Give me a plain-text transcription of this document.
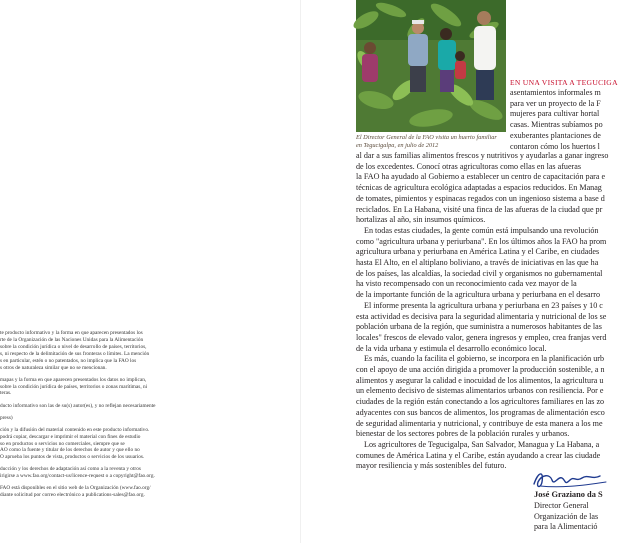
te producto informativo y la forma en que aparecen presentados los
rte de la Organización de las Naciones Unidas para la Alimentación
sobre la condición jurídica o nivel de desarrollo de países, territorios,
s, ni respecto de la delimitación de sus fronteras o límites. La mención
s en particular, estén o no patentados, no implica que la FAO los
s otros de naturaleza similar que no se mencionan.

mapas y la forma en que aparecen presentados los datos no implican,
sobre la condición jurídica de países, territorios o zonas marítimas, ni
teras.

ducto informativo son las de su(s) autor(es), y no reflejan necesariamente

press)

ción y la difusión del material contenido en este producto informativo.
podrá copiar, descargar e imprimir el material con fines de estudio
so en productos o servicios no comerciales, siempre que se
AO como la fuente y titular de los derechos de autor y que ello no
O aprueba los puntos de vista, productos o servicios de los usuarios.

ducción y los derechos de adaptación así como a la reventa y otros
irigirse a www.fao.org/contact-us/licence-request o a copyright@fao.org.

FAO está disponibles en el sitio web de la Organización (www.fao.org/
diante solicitud por correo electrónico a publications-sales@fao.org.

El Director General de la FAO visita un huerto familiar
en Tegucigalpa, en julio de 2012
EN UNA VISITA A TEGUCIGA
asentamientos informales m
para ver un proyecto de la F
mujeres para cultivar hortal
casas. Mientras subíamos po
exuberantes plantaciones de
contaron cómo los huertos l

al dar a sus familias alimentos frescos y nutritivos y ayudarlas a ganar ingreso
de los excedentes. Conocí otras agricultoras como ellas en las afueras
la FAO ha ayudado al Gobierno a establecer un centro de capacitación para e
técnicas de agricultura ecológica adaptadas a espacios reducidos. En Manag
de tomates, pimientos y espinacas regados con un ingenioso sistema a base d
reciclados. En La Habana, visité una finca de las afueras de la ciudad que pr
hortalizas al año, sin insumos químicos.

En todas estas ciudades, la gente común está impulsando una revolución
como "agricultura urbana y periurbana". En los últimos años la FAO ha prom
agricultura urbana y periurbana en América Latina y el Caribe, en ciudades
hasta El Alto, en el altiplano boliviano, a través de iniciativas en las que ha
de los países, las alcaldías, la sociedad civil y organismos no gubernamental
ha visto recompensado con un reconocimiento cada vez mayor de la
de la importante función de la agricultura urbana y periurbana en el desarro

El informe presenta la agricultura urbana y periurbana en 23 países y 10 c
esta actividad es decisiva para la seguridad alimentaria y nutricional de los se
población urbana de la región, que suministra a numerosos habitantes de las
locales" frescos de elevado valor, genera ingresos y empleo, crea franjas verd
de la vida urbana y estimula el desarrollo económico local.

Es más, cuando la facilita el gobierno, se incorpora en la planificación urb
con el apoyo de una acción dirigida a promover la producción sostenible, a n
alimentos y asegurar la calidad e inocuidad de los alimentos, la agricultura u
un elemento decisivo de sistemas alimentarios urbanos con resiliencia. Por e
ciudades de la región están conectando a los agricultores familiares en las zo
adyacentes con sus bancos de alimentos, los programas de alimentación esco
de seguridad alimentaria y nutricional, y contribuye de esta manera a los me
bienestar de los sectores pobres de la población rurales y urbanos.

Los agricultores de Tegucigalpa, San Salvador, Managua y La Habana, a
comunes de América Latina y el Caribe, están ayudando a crear las ciudade
mayor resiliencia y más sostenibles del futuro.

José Graziano da S
Director General
Organización de las
para la Alimentació
